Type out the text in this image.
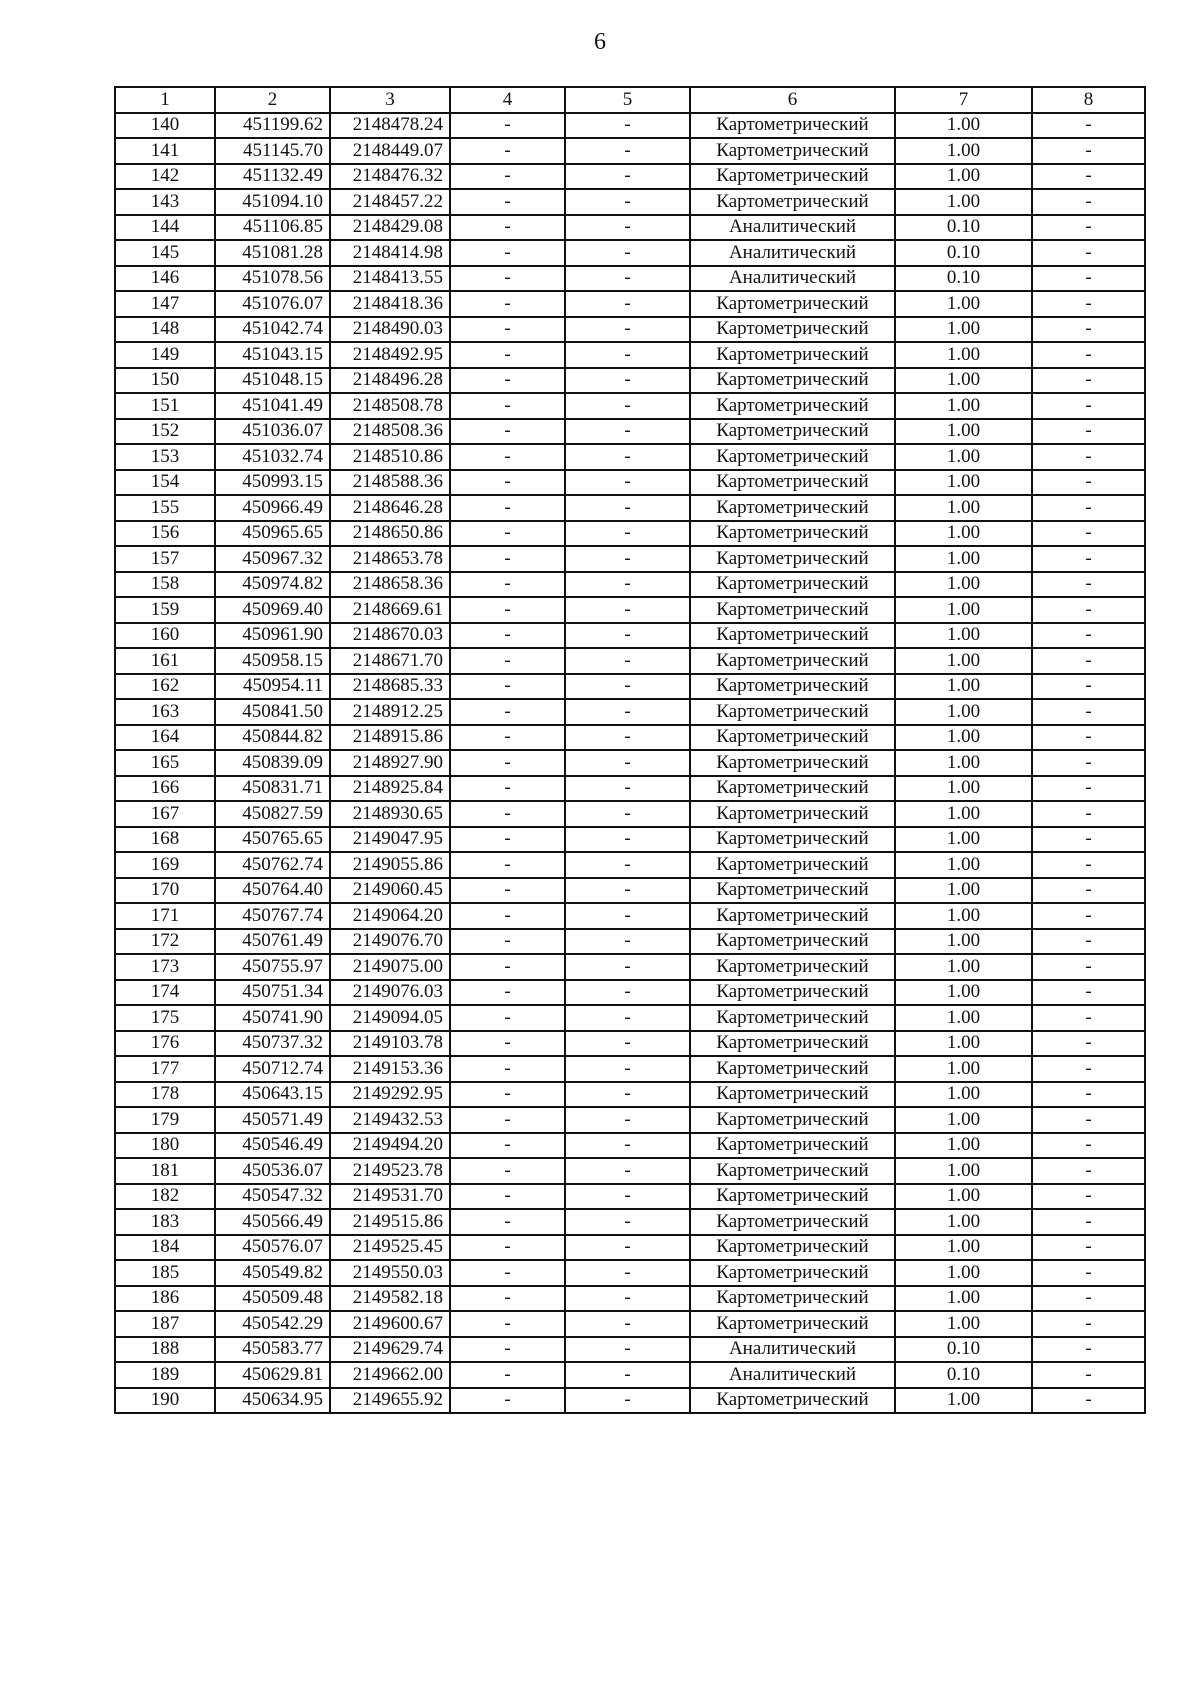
6
1	2	3	4	5	6	7	8
140	451199.62	2148478.24	-	-	Картометрический	1.00	-
141	451145.70	2148449.07	-	-	Картометрический	1.00	-
142	451132.49	2148476.32	-	-	Картометрический	1.00	-
143	451094.10	2148457.22	-	-	Картометрический	1.00	-
144	451106.85	2148429.08	-	-	Аналитический	0.10	-
145	451081.28	2148414.98	-	-	Аналитический	0.10	-
146	451078.56	2148413.55	-	-	Аналитический	0.10	-
147	451076.07	2148418.36	-	-	Картометрический	1.00	-
148	451042.74	2148490.03	-	-	Картометрический	1.00	-
149	451043.15	2148492.95	-	-	Картометрический	1.00	-
150	451048.15	2148496.28	-	-	Картометрический	1.00	-
151	451041.49	2148508.78	-	-	Картометрический	1.00	-
152	451036.07	2148508.36	-	-	Картометрический	1.00	-
153	451032.74	2148510.86	-	-	Картометрический	1.00	-
154	450993.15	2148588.36	-	-	Картометрический	1.00	-
155	450966.49	2148646.28	-	-	Картометрический	1.00	-
156	450965.65	2148650.86	-	-	Картометрический	1.00	-
157	450967.32	2148653.78	-	-	Картометрический	1.00	-
158	450974.82	2148658.36	-	-	Картометрический	1.00	-
159	450969.40	2148669.61	-	-	Картометрический	1.00	-
160	450961.90	2148670.03	-	-	Картометрический	1.00	-
161	450958.15	2148671.70	-	-	Картометрический	1.00	-
162	450954.11	2148685.33	-	-	Картометрический	1.00	-
163	450841.50	2148912.25	-	-	Картометрический	1.00	-
164	450844.82	2148915.86	-	-	Картометрический	1.00	-
165	450839.09	2148927.90	-	-	Картометрический	1.00	-
166	450831.71	2148925.84	-	-	Картометрический	1.00	-
167	450827.59	2148930.65	-	-	Картометрический	1.00	-
168	450765.65	2149047.95	-	-	Картометрический	1.00	-
169	450762.74	2149055.86	-	-	Картометрический	1.00	-
170	450764.40	2149060.45	-	-	Картометрический	1.00	-
171	450767.74	2149064.20	-	-	Картометрический	1.00	-
172	450761.49	2149076.70	-	-	Картометрический	1.00	-
173	450755.97	2149075.00	-	-	Картометрический	1.00	-
174	450751.34	2149076.03	-	-	Картометрический	1.00	-
175	450741.90	2149094.05	-	-	Картометрический	1.00	-
176	450737.32	2149103.78	-	-	Картометрический	1.00	-
177	450712.74	2149153.36	-	-	Картометрический	1.00	-
178	450643.15	2149292.95	-	-	Картометрический	1.00	-
179	450571.49	2149432.53	-	-	Картометрический	1.00	-
180	450546.49	2149494.20	-	-	Картометрический	1.00	-
181	450536.07	2149523.78	-	-	Картометрический	1.00	-
182	450547.32	2149531.70	-	-	Картометрический	1.00	-
183	450566.49	2149515.86	-	-	Картометрический	1.00	-
184	450576.07	2149525.45	-	-	Картометрический	1.00	-
185	450549.82	2149550.03	-	-	Картометрический	1.00	-
186	450509.48	2149582.18	-	-	Картометрический	1.00	-
187	450542.29	2149600.67	-	-	Картометрический	1.00	-
188	450583.77	2149629.74	-	-	Аналитический	0.10	-
189	450629.81	2149662.00	-	-	Аналитический	0.10	-
190	450634.95	2149655.92	-	-	Картометрический	1.00	-
